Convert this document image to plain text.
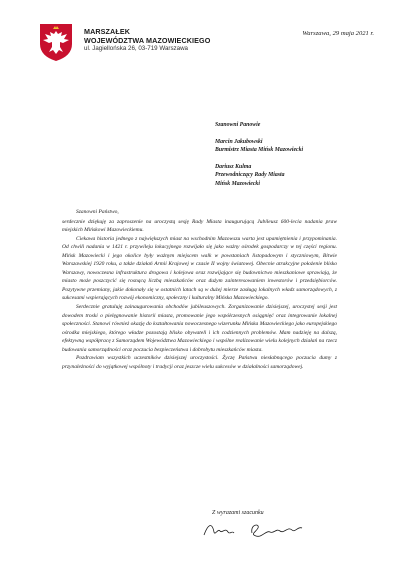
MARSZAŁEK
WOJEWÓDZTWA MAZOWIECKIEGO
ul. Jagiellońska 26, 03-719 Warszawa
Warszawa, 29 maja 2021 r.
Szanowni Panowie
Marcin Jakubowski
Burmistrz Miasta Mińsk Mazowiecki
Dariusz Kulma
Przewodniczący Rady Miasta
Mińsk Mazowiecki

Szanowni Państwo,

serdecznie dziękuję za zaproszenie na uroczystą sesję Rady Miasta inaugurującą Jubileusz 600-lecia nadania praw miejskich Mińskowi Mazowieckiemu.

Ciekawa historia jednego z największych miast na wschodnim Mazowszu warta jest upamiętnienia i przypominania. Od chwili nadania w 1421 r. przywileju lokacyjnego rozwijało się jako ważny ośrodek gospodarczy w tej części regionu. Mińsk Mazowiecki i jego okolice były ważnym miejscem walk w powstaniach listopadowym i styczniowym, Bitwie Warszawskiej 1920 roku, a także działań Armii Krajowej w czasie II wojny światowej. Obecnie atrakcyjne położenie blisko Warszawy, nowoczesna infrastruktura drogowa i kolejowa oraz rozwijające się budownictwo mieszkaniowe sprawiają, że miasto może poszczycić się rosnącą liczbą mieszkańców oraz dużym zainteresowaniem inwestorów i przedsiębiorców. Pozytywne przemiany, jakie dokonały się w ostatnich latach są w dużej mierze zasługą lokalnych władz samorządowych, z sukcesami wspierających rozwój ekonomiczny, społeczny i kulturalny Mińska Mazowieckiego.

Serdecznie gratuluję zainaugurowania obchodów jubileuszowych. Zorganizowanie dzisiejszej, uroczystej sesji jest dowodem troski o pielęgnowanie historii miasta, promowanie jego współczesnych osiągnięć oraz integrowanie lokalnej społeczności. Stanowi również okazję do kształtowania nowoczesnego wizerunku Mińska Mazowieckiego jako europejskiego ośrodka miejskiego, którego władze pozostają blisko obywateli i ich codziennych problemów. Mam nadzieję na dalszą, efektywną współpracę z Samorządem Województwa Mazowieckiego i wspólne realizowanie wielu kolejnych działań na rzecz budowania samorządności oraz poczucia bezpieczeństwa i dobrobytu mieszkańców miasta.

Pozdrawiam wszystkich uczestników dzisiejszej uroczystości. Życzę Państwu niesłabnącego poczucia dumy z przynależności do wyjątkowej wspólnoty i tradycji oraz jeszcze wielu sukcesów w działalności samorządowej.

Z wyrazami szacunku
